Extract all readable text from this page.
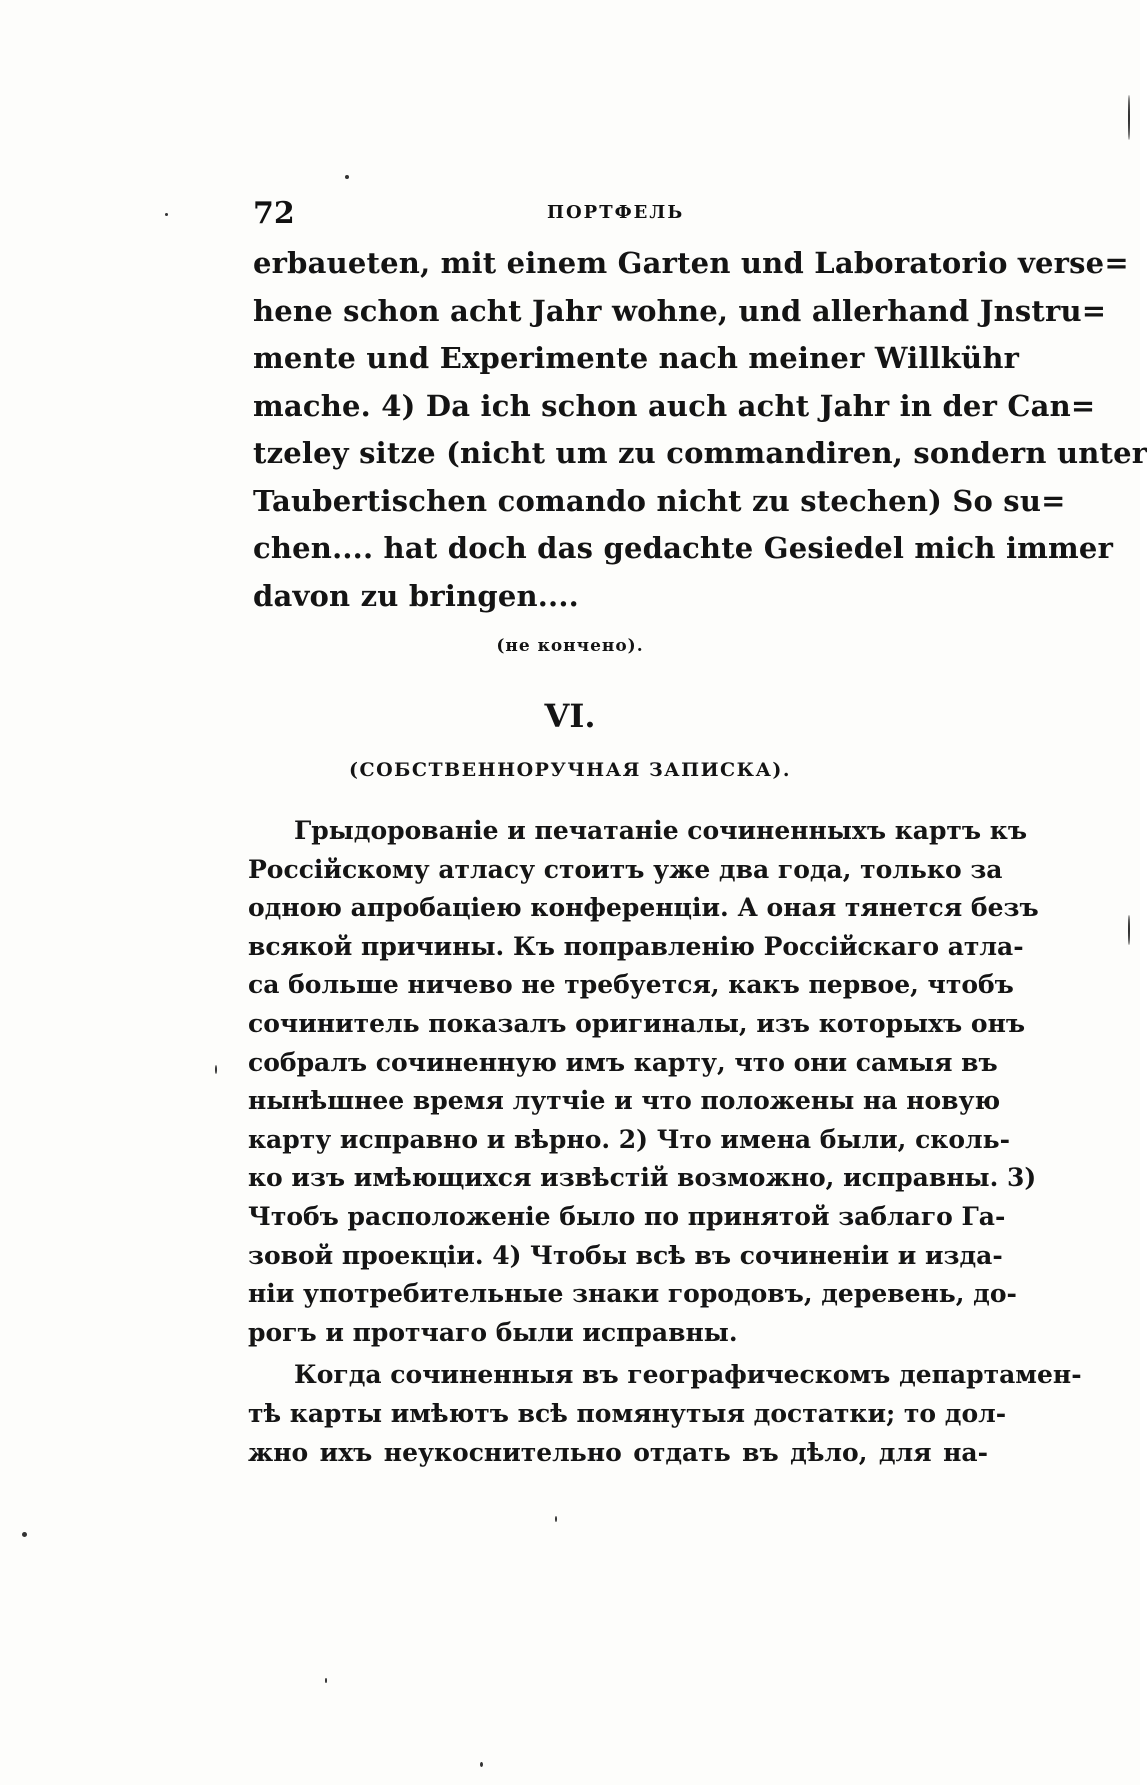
72	ПОРТФЕЛЬ
erbaueten, mit einem Garten und Laboratorio verse=
hene schon acht Jahr wohne, und allerhand Jnstru=
mente und Experimente nach meiner Willkühr
mache. 4) Da ich schon auch acht Jahr in der Can=
tzeley sitze (nicht um zu commandiren, sondern unter
Taubertischen comando nicht zu stechen) So su=
chen.... hat doch das gedachte Gesiedel mich immer
davon zu bringen....
(не кончено).
VI.
(СОБСТВЕННОРУЧНАЯ ЗАПИСКА).
Грыдорованіе и печатаніе сочиненныхъ картъ къ
Россійскому атласу стоитъ уже два года, только за
одною апробаціею конференціи. А оная тянется безъ
всякой причины. Къ поправленію Россійскаго атла-
са больше ничево не требуется, какъ первое, чтобъ
сочинитель показалъ оригиналы, изъ которыхъ онъ
собралъ сочиненную имъ карту, что они самыя въ
нынѣшнее время лутчіе и что положены на новую
карту исправно и вѣрно. 2) Что имена были, сколь-
ко изъ имѣющихся извѣстій возможно, исправны. 3)
Чтобъ расположеніе было по принятой заблаго Га-
зовой проекціи. 4) Чтобы всѣ въ сочиненіи и изда-
ніи употребительные знаки городовъ, деревень, до-
рогъ и протчаго были исправны.
Когда сочиненныя въ географическомъ департамен-
тѣ карты имѣютъ всѣ помянутыя достатки; то дол-
жно ихъ неукоснительно отдать въ дѣло, для на-
